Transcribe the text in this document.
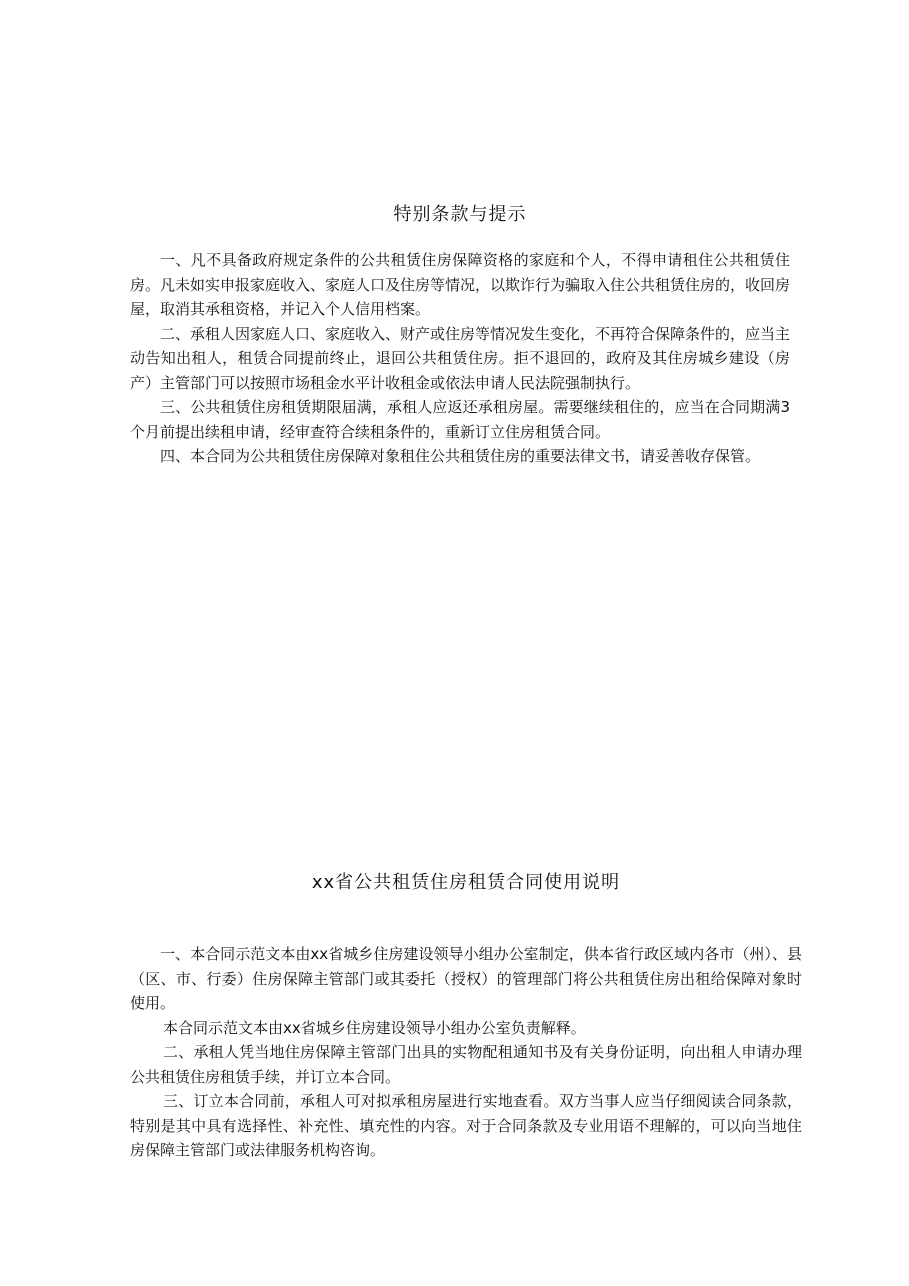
特别条款与提示

一、凡不具备政府规定条件的公共租赁住房保障资格的家庭和个人，不得申请租住公共租赁住房。凡未如实申报家庭收入、家庭人口及住房等情况，以欺诈行为骗取入住公共租赁住房的，收回房屋，取消其承租资格，并记入个人信用档案。

二、承租人因家庭人口、家庭收入、财产或住房等情况发生变化，不再符合保障条件的，应当主动告知出租人，租赁合同提前终止，退回公共租赁住房。拒不退回的，政府及其住房城乡建设（房产）主管部门可以按照市场租金水平计收租金或依法申请人民法院强制执行。

三、公共租赁住房租赁期限届满，承租人应返还承租房屋。需要继续租住的，应当在合同期满3个月前提出续租申请，经审查符合续租条件的，重新订立住房租赁合同。

四、本合同为公共租赁住房保障对象租住公共租赁住房的重要法律文书，请妥善收存保管。

xx省公共租赁住房租赁合同使用说明

一、本合同示范文本由xx省城乡住房建设领导小组办公室制定，供本省行政区域内各市（州）、县（区、市、行委）住房保障主管部门或其委托（授权）的管理部门将公共租赁住房出租给保障对象时使用。

本合同示范文本由xx省城乡住房建设领导小组办公室负责解释。

二、承租人凭当地住房保障主管部门出具的实物配租通知书及有关身份证明，向出租人申请办理公共租赁住房租赁手续，并订立本合同。

三、订立本合同前，承租人可对拟承租房屋进行实地查看。双方当事人应当仔细阅读合同条款，特别是其中具有选择性、补充性、填充性的内容。对于合同条款及专业用语不理解的，可以向当地住房保障主管部门或法律服务机构咨询。
